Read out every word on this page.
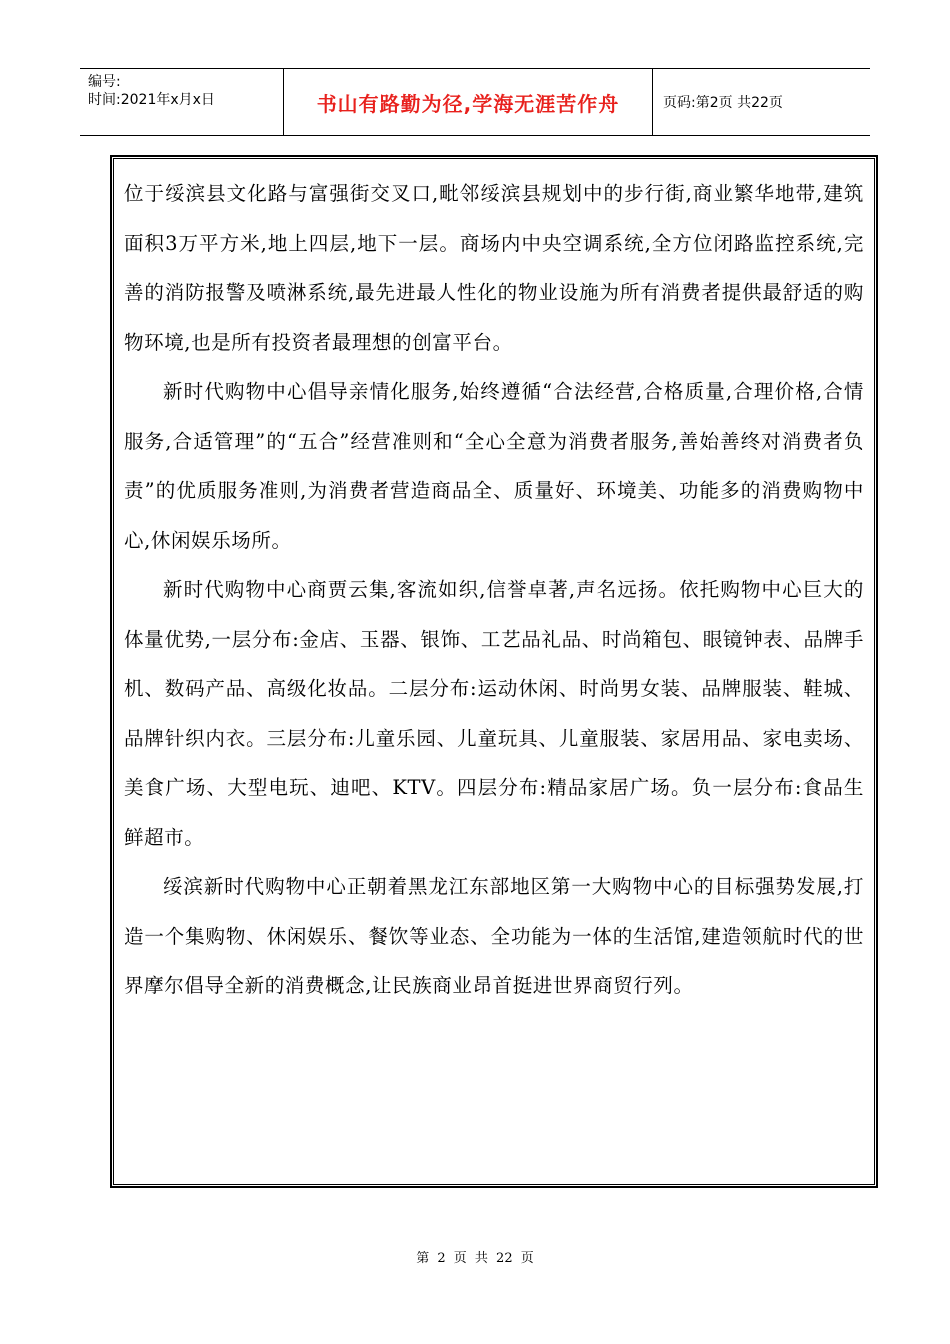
编号:
时间:2021年x月x日	书山有路勤为径,学海无涯苦作舟	页码:第2页 共22页

位于绥滨县文化路与富强街交叉口,毗邻绥滨县规划中的步行街,商业繁华地带,建筑面积3万平方米,地上四层,地下一层。商场内中央空调系统,全方位闭路监控系统,完善的消防报警及喷淋系统,最先进最人性化的物业设施为所有消费者提供最舒适的购物环境,也是所有投资者最理想的创富平台。

新时代购物中心倡导亲情化服务,始终遵循“合法经营,合格质量,合理价格,合情服务,合适管理”的“五合”经营准则和“全心全意为消费者服务,善始善终对消费者负责”的优质服务准则,为消费者营造商品全、质量好、环境美、功能多的消费购物中心,休闲娱乐场所。

新时代购物中心商贾云集,客流如织,信誉卓著,声名远扬。依托购物中心巨大的体量优势,一层分布:金店、玉器、银饰、工艺品礼品、时尚箱包、眼镜钟表、品牌手机、数码产品、高级化妆品。二层分布:运动休闲、时尚男女装、品牌服装、鞋城、品牌针织内衣。三层分布:儿童乐园、儿童玩具、儿童服装、家居用品、家电卖场、美食广场、大型电玩、迪吧、KTV。四层分布:精品家居广场。负一层分布:食品生鲜超市。

绥滨新时代购物中心正朝着黑龙江东部地区第一大购物中心的目标强势发展,打造一个集购物、休闲娱乐、餐饮等业态、全功能为一体的生活馆,建造领航时代的世界摩尔倡导全新的消费概念,让民族商业昂首挺进世界商贸行列。

第 2 页 共 22 页
